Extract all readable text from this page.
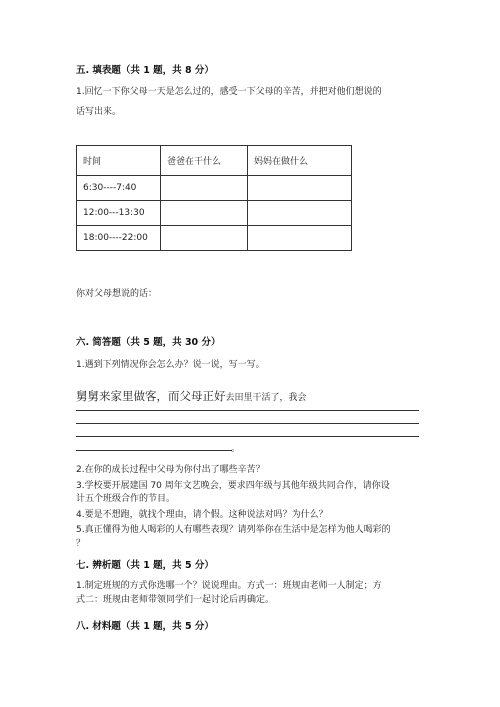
五. 填表题（共 1 题，共 8 分）
1.回忆一下你父母一天是怎么过的，感受一下父母的辛苦，并把对他们想说的
话写出来。
时间	爸爸在干什么	妈妈在做什么
6:30----7:40		
12:00---13:30		
18:00----22:00		
你对父母想说的话：
六. 简答题（共 5 题，共 30 分）
1.遇到下列情况你会怎么办？说一说，写一写。
舅舅来家里做客，而父母正好去田里干活了，我会
。
2.在你的成长过程中父母为你付出了哪些辛苦？
3.学校要开展建国 70 周年文艺晚会，要求四年级与其他年级共同合作，请你设
计五个班级合作的节目。
4.要是不想跑，就找个理由，请个假。这种说法对吗？为什么？
5.真正懂得为他人喝彩的人有哪些表现？请列举你在生活中是怎样为他人喝彩的
？
七. 辨析题（共 1 题，共 5 分）
1.制定班规的方式你选哪一个？说说理由。方式一：班规由老师一人制定；方
式二：班规由老师带领同学们一起讨论后再确定。
八. 材料题（共 1 题，共 5 分）
